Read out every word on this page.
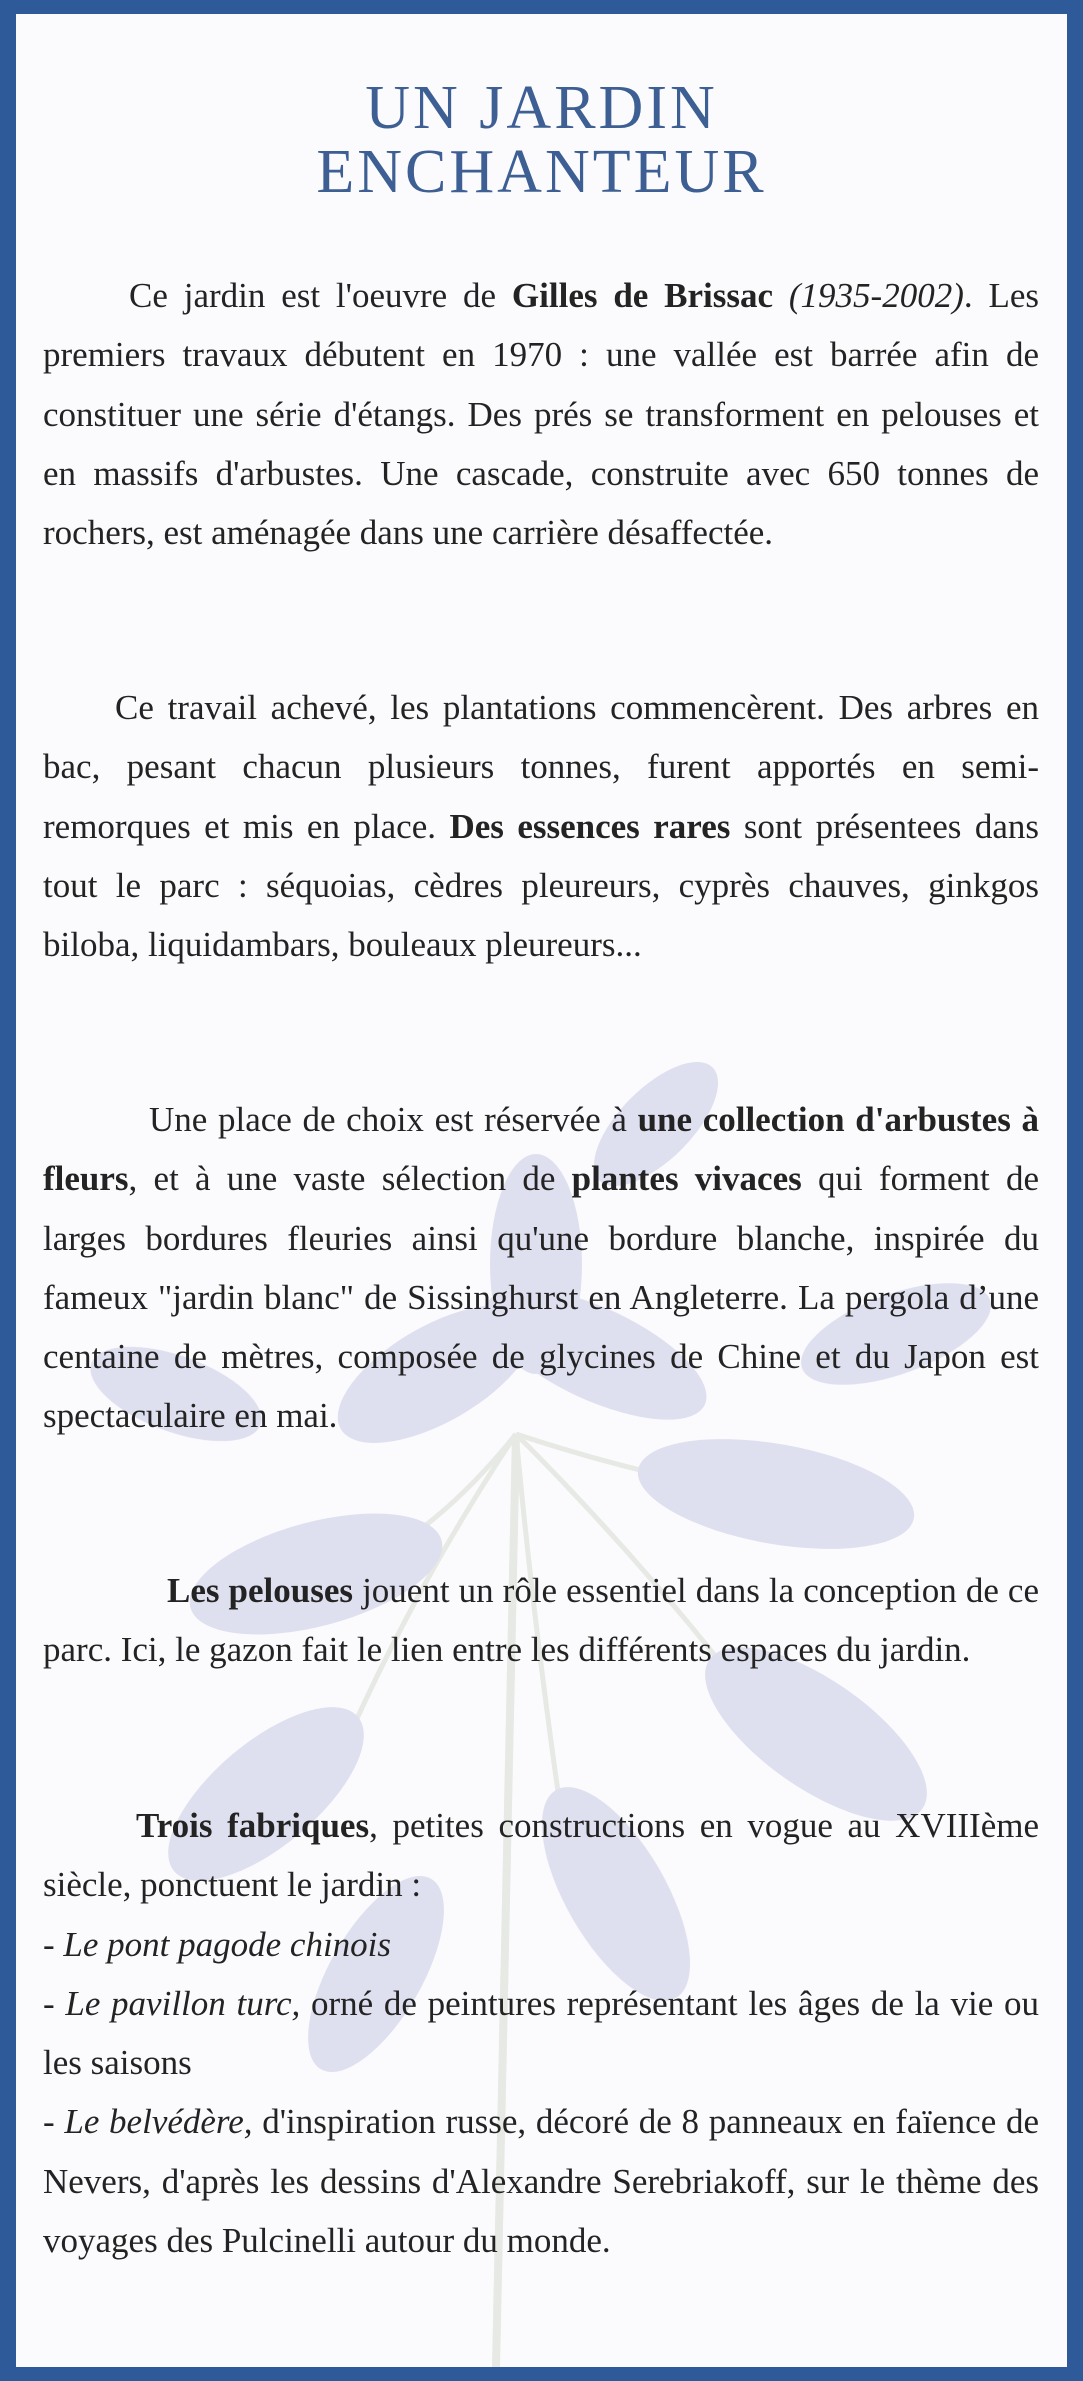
UN JARDIN
ENCHANTEUR
Ce jardin est l'oeuvre de Gilles de Brissac (1935-2002). Les premiers travaux débutent en 1970 : une vallée est barrée afin de constituer une série d'étangs. Des prés se transforment en pelouses et en massifs d'arbustes. Une cascade, construite avec 650 tonnes de rochers, est aménagée dans une carrière désaffectée.
Ce travail achevé, les plantations commencèrent. Des arbres en bac, pesant chacun plusieurs tonnes, furent apportés en semi-remorques et mis en place. Des essences rares sont présentees dans tout le parc : séquoias, cèdres pleureurs, cyprès chauves, ginkgos biloba, liquidambars, bouleaux pleureurs...
Une place de choix est réservée à une collection d'arbustes à fleurs, et à une vaste sélection de plantes vivaces qui forment de larges bordures fleuries ainsi qu'une bordure blanche, inspirée du fameux "jardin blanc" de Sissinghurst en Angleterre. La pergola d’une centaine de mètres, composée de glycines de Chine et du Japon est spectaculaire en mai.
Les pelouses jouent un rôle essentiel dans la conception de ce parc. Ici, le gazon fait le lien entre les différents espaces du jardin.
Trois fabriques, petites constructions en vogue au XVIIIème siècle, ponctuent le jardin :
- Le pont pagode chinois
- Le pavillon turc, orné de peintures représentant les âges de la vie ou les saisons
- Le belvédère, d'inspiration russe, décoré de 8 panneaux en faïence de Nevers, d'après les dessins d'Alexandre Serebriakoff, sur le thème des voyages des Pulcinelli autour du monde.
